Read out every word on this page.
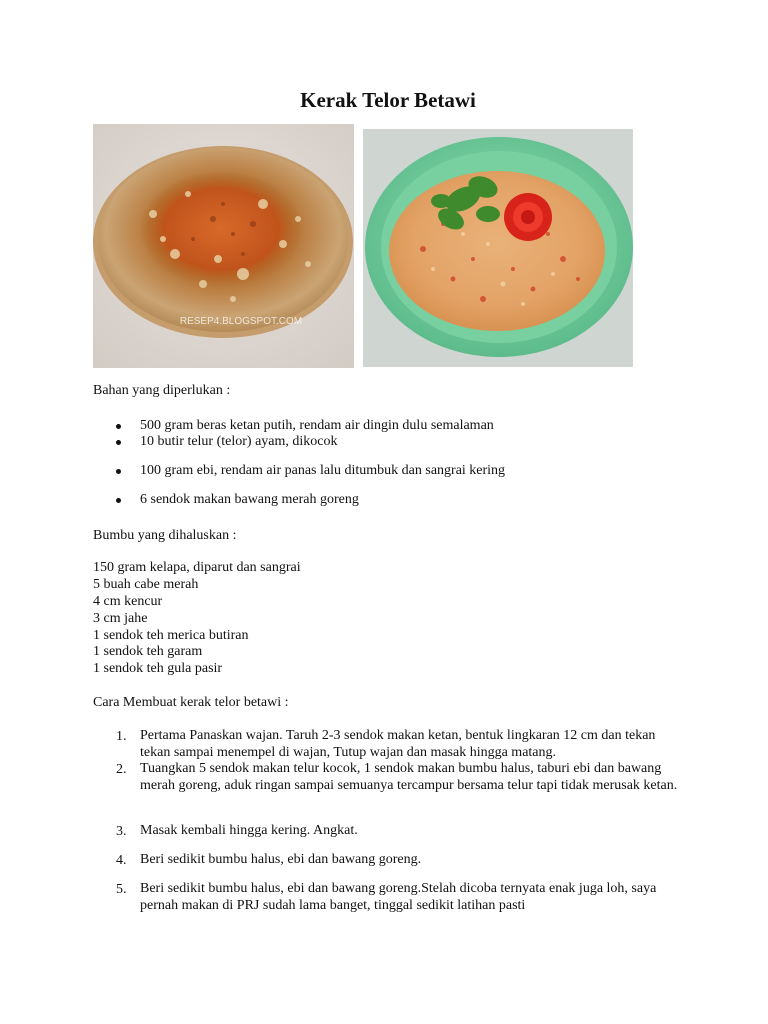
Kerak Telor Betawi
RESEP4.BLOGSPOT.COM
Bahan yang diperlukan :
500 gram beras ketan putih, rendam air dingin dulu semalaman
10 butir telur (telor) ayam, dikocok
100 gram ebi, rendam air panas lalu ditumbuk dan sangrai kering
6 sendok makan bawang merah goreng
Bumbu yang dihaluskan :
150 gram kelapa, diparut dan sangrai
5 buah cabe merah
4 cm kencur
3 cm jahe
1 sendok teh merica butiran
1 sendok teh garam
1 sendok teh gula pasir
Cara Membuat kerak telor betawi :
1. Pertama Panaskan wajan. Taruh 2-3 sendok makan ketan, bentuk lingkaran 12 cm dan tekan tekan sampai menempel di wajan, Tutup wajan dan masak hingga matang.
2. Tuangkan 5 sendok makan telur kocok, 1 sendok makan bumbu halus, taburi ebi dan bawang merah goreng, aduk ringan sampai semuanya tercampur bersama telur tapi tidak merusak ketan.
3. Masak kembali hingga kering. Angkat.
4. Beri sedikit bumbu halus, ebi dan bawang goreng.
5. Beri sedikit bumbu halus, ebi dan bawang goreng.Stelah dicoba ternyata enak juga loh, saya pernah makan di PRJ sudah lama banget, tinggal sedikit latihan pasti
